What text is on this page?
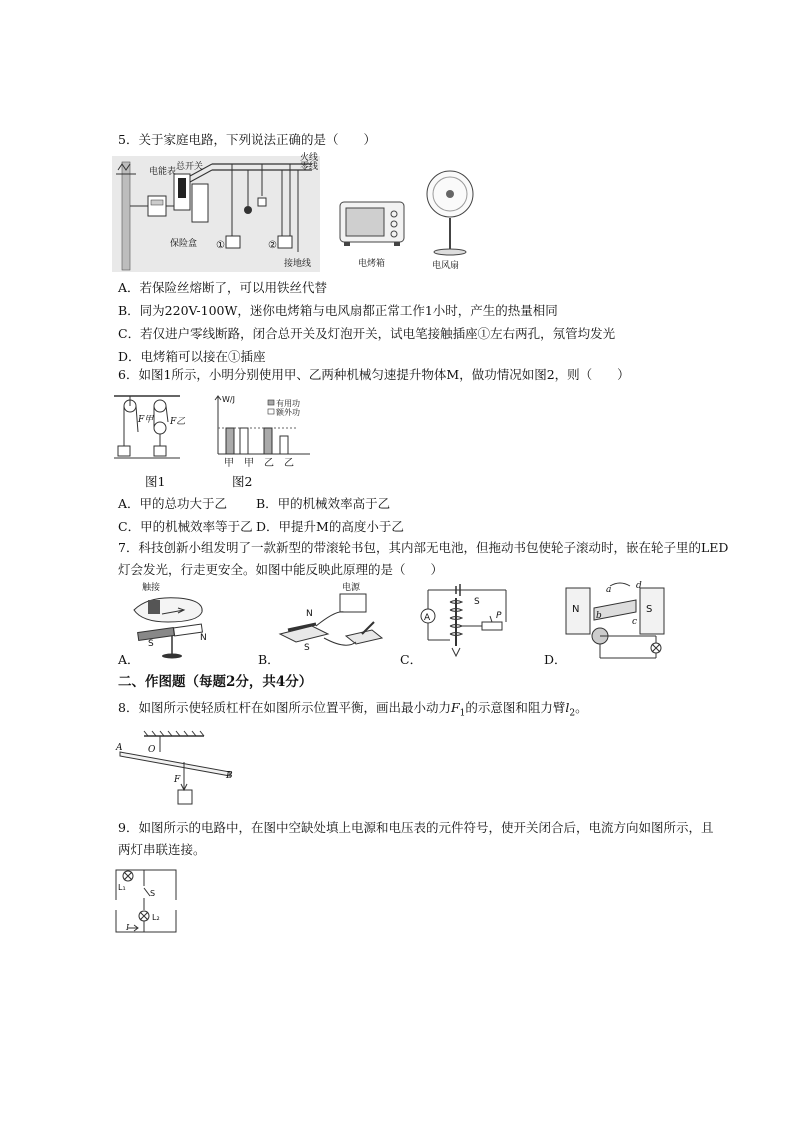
5．关于家庭电路，下列说法正确的是（　　）
电能表 总开关
保险盒
火线
零线
①	②
接地线	电烤箱	电风扇
A．若保险丝熔断了，可以用铁丝代替
B．同为220V-100W，迷你电烤箱与电风扇都正常工作1小时，产生的热量相同
C．若仅进户零线断路，闭合总开关及灯泡开关，试电笔接触插座①左右两孔，氖管均发光
D．电烤箱可以接在①插座
6．如图1所示，小明分别使用甲、乙两种机械匀速提升物体M，做功情况如图2，则（　　）
F甲 F乙
W/J	有用功
额外功
甲 甲 乙 乙
图1	图2
A．甲的总功大于乙 B．甲的机械效率高于乙
C．甲的机械效率等于乙 D．甲提升M的高度小于乙
7．科技创新小组发明了一款新型的带滚轮书包，其内部无电池，但拖动书包使轮子滚动时，嵌在轮子里的LED
灯会发光，行走更安全。如图中能反映此原理的是（　　）
触接
S
N
电源
N
S
A
S
P
N	S
a
b
c
d
A．	B．	C．	D．
二、作图题（每题2分，共4分）
8．如图所示使轻质杠杆在如图所示位置平衡，画出最小动力$F_1$的示意图和阻力臂$l_2$。
A	O
B
F
9．如图所示的电路中，在图中空缺处填上电源和电压表的元件符号，使开关闭合后，电流方向如图所示，且
两灯串联连接。
L₁
S
L₂
I
